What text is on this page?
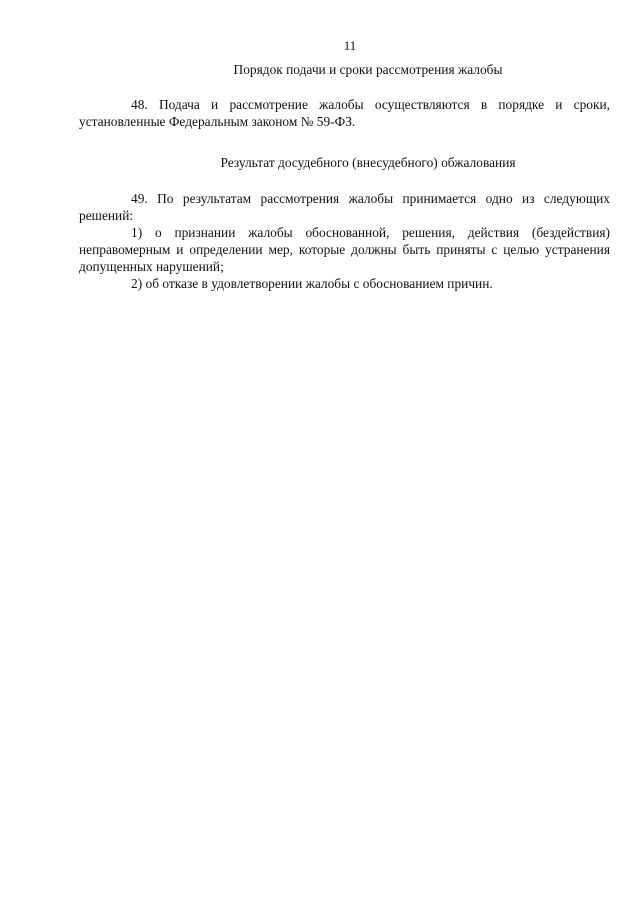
11

Порядок подачи и сроки рассмотрения жалобы

48. Подача и рассмотрение жалобы осуществляются в порядке и сроки, установленные Федеральным законом № 59-ФЗ.

Результат досудебного (внесудебного) обжалования

49. По результатам рассмотрения жалобы принимается одно из следующих решений:

1) о признании жалобы обоснованной, решения, действия (бездействия) неправомерным и определении мер, которые должны быть приняты с целью устранения допущенных нарушений;

2) об отказе в удовлетворении жалобы с обоснованием причин.
